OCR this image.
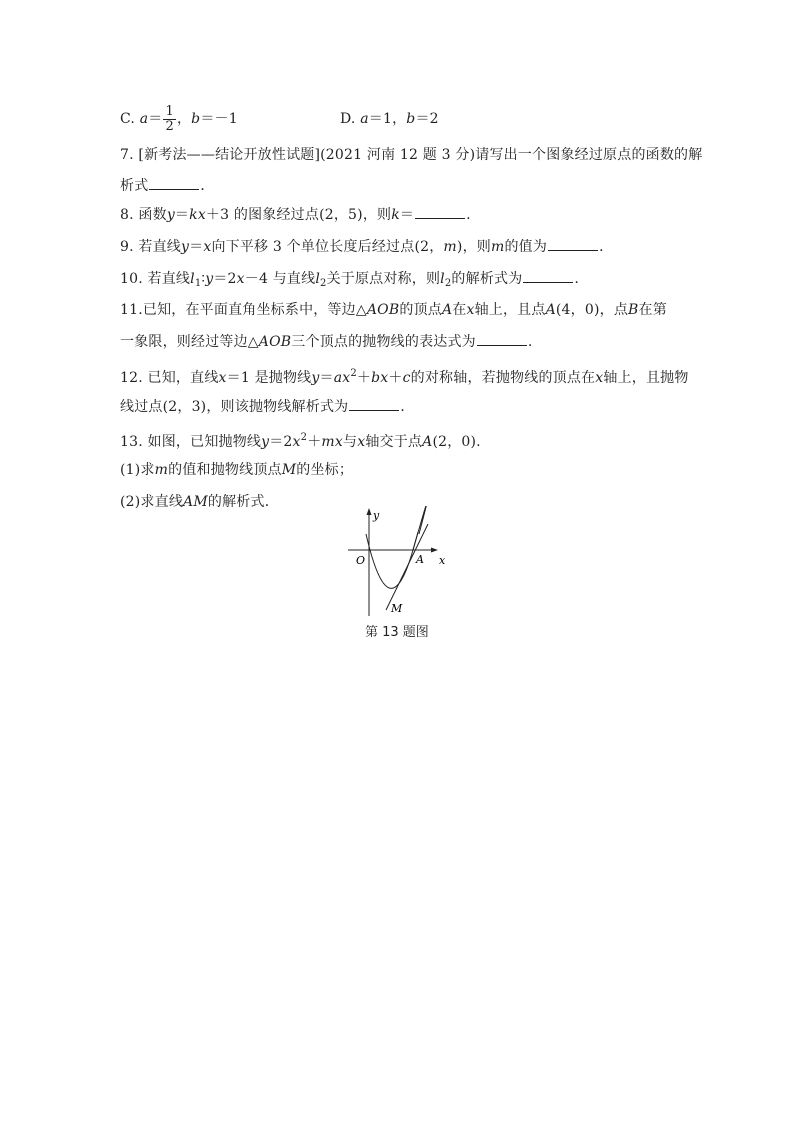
C. $a= \frac{1}{2}$ ，b＝－1	D. a＝1，b＝2
7. [新考法——结论开放性试题](2021 河南 12 题 3 分)请写出一个图象经过原点的函数的解
析式	．
8. 函数y＝kx＋3 的图象经过点(2，5)，则k＝	.
9. 若直线y＝x向下平移 3 个单位长度后经过点(2，m)，则m的值为	．
10. 若直线$l_1∶y=2x-4$ 与直线$l_2$关于原点对称，则$l_2$的解析式为	.
11.已知，在平面直角坐标系中，等边△AOB的顶点A在x轴上，且点A(4，0)，点B在第
一象限，则经过等边△AOB三个顶点的抛物线的表达式为	.
12. 已知，直线x＝1 是抛物线$y=ax^2+bx+c$的对称轴，若抛物线的顶点在x轴上，且抛物
线过点(2，3)，则该抛物线解析式为	．
13. 如图，已知抛物线$y=2x^2+mx$与x轴交于点A(2，0).
(1)求m的值和抛物线顶点M的坐标；
(2)求直线AM的解析式．
y
x
O	A
M
第 13 题图
